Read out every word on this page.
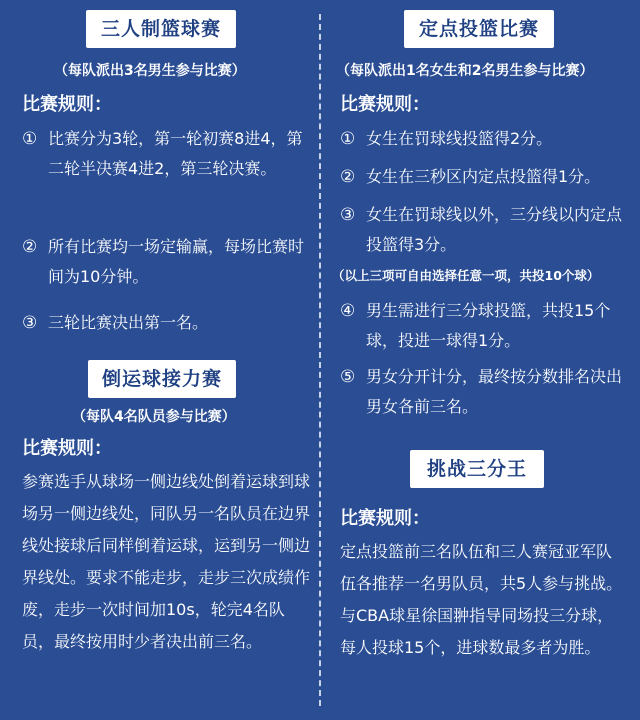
三人制篮球赛
（每队派出3名男生参与比赛）
比赛规则：
① 比赛分为3轮，第一轮初赛8进4，第二轮半决赛4进2，第三轮决赛。
② 所有比赛均一场定输赢，每场比赛时间为10分钟。
③ 三轮比赛决出第一名。
倒运球接力赛
（每队4名队员参与比赛）
比赛规则：
参赛选手从球场一侧边线处倒着运球到球场另一侧边线处，同队另一名队员在边界线处接球后同样倒着运球，运到另一侧边界线处。要求不能走步，走步三次成绩作废，走步一次时间加10s，轮完4名队员，最终按用时少者决出前三名。
定点投篮比赛
（每队派出1名女生和2名男生参与比赛）
比赛规则：
① 女生在罚球线投篮得2分。
② 女生在三秒区内定点投篮得1分。
③ 女生在罚球线以外，三分线以内定点投篮得3分。
（以上三项可自由选择任意一项，共投10个球）
④ 男生需进行三分球投篮，共投15个球，投进一球得1分。
⑤ 男女分开计分，最终按分数排名决出男女各前三名。
挑战三分王
比赛规则：
定点投篮前三名队伍和三人赛冠亚军队伍各推荐一名男队员，共5人参与挑战。与CBA球星徐国翀指导同场投三分球，每人投球15个，进球数最多者为胜。
